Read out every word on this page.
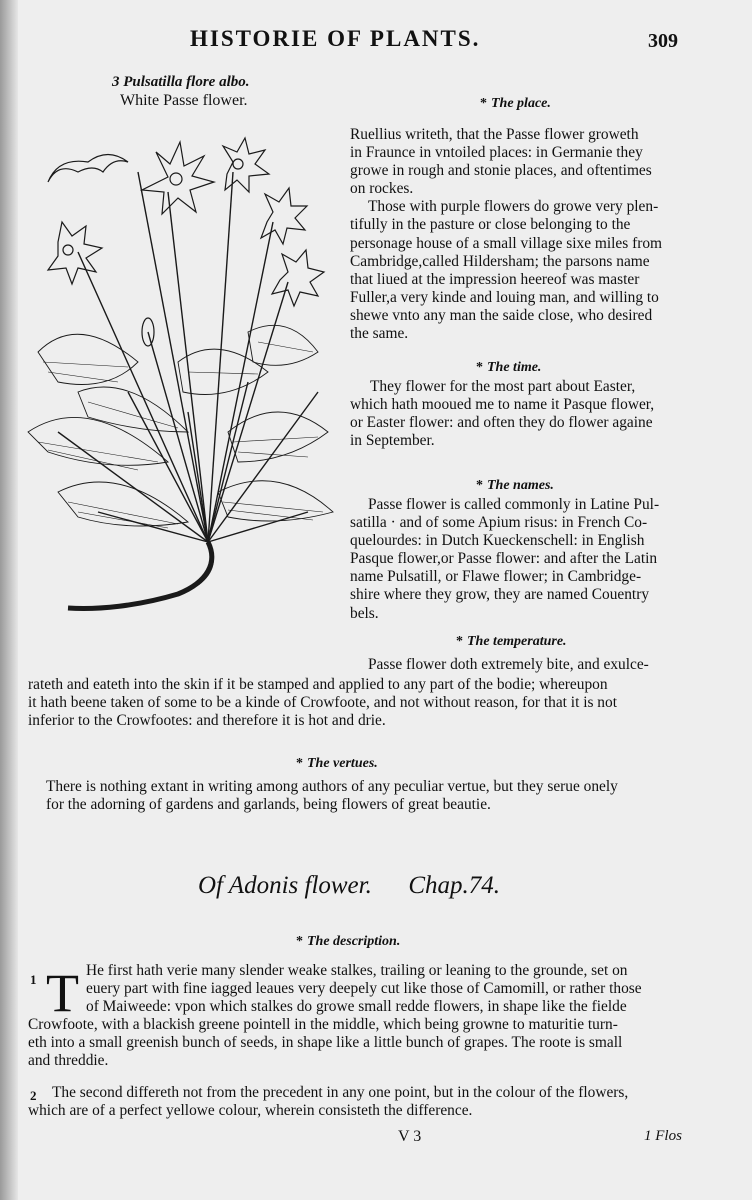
HISTORIE OF PLANTS.	309
3 Pulsatilla flore albo.
White Passe flower.	* The place.
Ruellius writeth, that the Passe flower groweth
in Fraunce in vntoiled places: in Germanie they
growe in rough and stonie places, and oftentimes
on rockes.
Those with purple flowers do growe very plen-
tifully in the pasture or close belonging to the
personage house of a small village sixe miles from
Cambridge,called Hildersham; the parsons name
that liued at the impression heereof was master
Fuller,a very kinde and louing man, and willing to
shewe vnto any man the saide close, who desired
the same.
* The time.
They flower for the most part about Easter,
which hath mooued me to name it Pasque flower,
or Easter flower: and often they do flower againe
in September.
* The names.
Passe flower is called commonly in Latine Pul-
satilla · and of some Apium risus: in French Co-
quelourdes: in Dutch Kueckenschell: in English
Pasque flower,or Passe flower: and after the Latin
name Pulsatill, or Flawe flower; in Cambridge-
shire where they grow, they are named Couentry
bels.
* The temperature.
Passe flower doth extremely bite, and exulce-
rateth and eateth into the skin if it be stamped and applied to any part of the bodie; whereupon
it hath beene taken of some to be a kinde of Crowfoote, and not without reason, for that it is not
inferior to the Crowfootes: and therefore it is hot and drie.
* The vertues.
There is nothing extant in writing among authors of any peculiar vertue, but they serue onely
for the adorning of gardens and garlands, being flowers of great beautie.
Of Adonis flower. Chap.74.
* The description.
1 T He first hath verie many slender weake stalkes, trailing or leaning to the grounde, set on
euery part with fine iagged leaues very deepely cut like those of Camomill, or rather those
of Maiweede: vpon which stalkes do growe small redde flowers, in shape like the fielde
Crowfoote, with a blackish greene pointell in the middle, which being growne to maturitie turn-
eth into a small greenish bunch of seeds, in shape like a little bunch of grapes. The roote is small
and threddie.
2 The second differeth not from the precedent in any one point, but in the colour of the flowers,
which are of a perfect yellowe colour, wherein consisteth the difference.
V 3	1 Flos
